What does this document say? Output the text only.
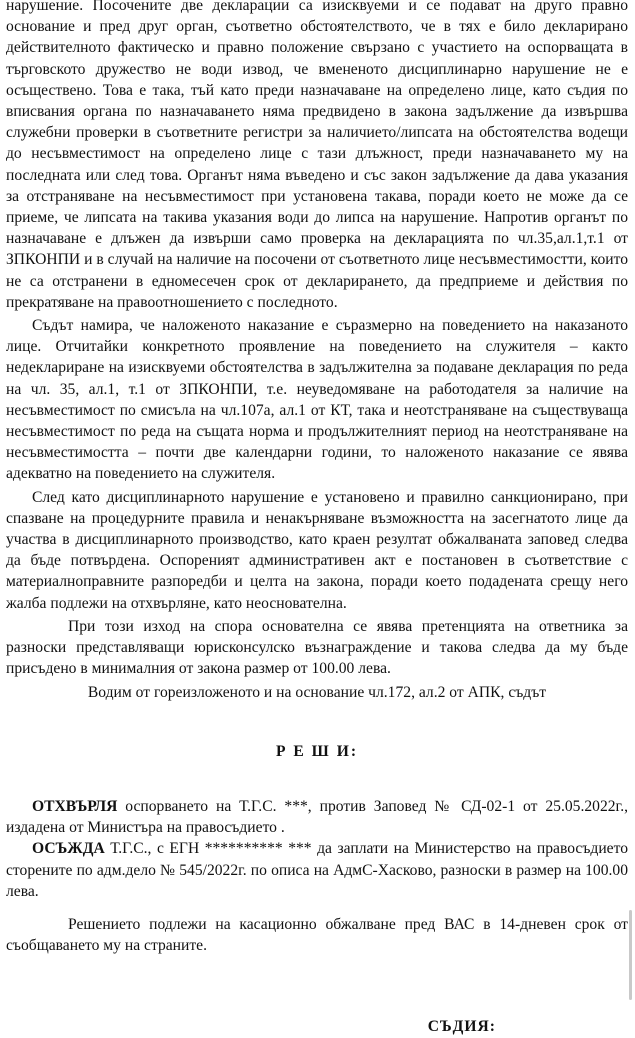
нарушение. Посочените две декларации са изисквуеми и се подават на друго правно основание и пред друг орган, съответно обстоятелството, че в тях е било декларирано действителното фактическо и правно положение свързано с участието на оспорващата в търговското дружество не води извод, че вмененото дисциплинарно нарушение не е осъществено. Това е така, тъй като преди назначаване на определено лице, като съдия по вписвания органа по назначаването няма предвидено в закона задължение да извършва служебни проверки в съответните регистри за наличието/липсата на обстоятелства водещи до несъвместимост на определено лице с тази длъжност, преди назначаването му на последната или след това. Органът няма въведено и със закон задължение да дава указания за отстраняване на несъвместимост при установена такава, поради което не може да се приеме, че липсата на такива указания води до липса на нарушение. Напротив органът по назначаване е длъжен да извърши само проверка на декларацията по чл.35,ал.1,т.1 от ЗПКОНПИ и в случай на наличие на посочени от съответното лице несъвместимостти, които не са отстранени в едномесечен срок от декларирането, да предприеме и действия по прекратяване на правоотношението с последното.

Съдът намира, че наложеното наказание е съразмерно на поведението на наказаното лице. Отчитайки конкретното проявление на поведението на служителя – както недеклариране на изисквуеми обстоятелства в задължителна за подаване декларация по реда на чл. 35, ал.1, т.1 от ЗПКОНПИ, т.е. неуведомяване на работодателя за наличие на несъвместимост по смисъла на чл.107а, ал.1 от КТ, така и неотстраняване на съществуваща несъвместимост по реда на същата норма и продължителният период на неотстраняване на несъвместимостта – почти две календарни години, то наложеното наказание се явява адекватно на поведението на служителя.

След като дисциплинарното нарушение е установено и правилно санкционирано, при спазване на процедурните правила и ненакърняване възможността на засегнатото лице да участва в дисциплинарното производство, като краен резултат обжалваната заповед следва да бъде потвърдена. Оспореният административен акт е постановен в съответствие с материалноправните разпоредби и целта на закона, поради което подадената срещу него жалба подлежи на отхвърляне, като неоснователна.

При този изход на спора основателна се явява претенцията на ответника за разноски представляващи юрисконсулско възнаграждение и такова следва да му бъде присъдено в минималния от закона размер от 100.00 лева.

Водим от гореизложеното и на основание чл.172, ал.2 от АПК, съдът

Р Е Ш И:

ОТХВЪРЛЯ оспорването на Т.Г.С. ***, против Заповед № СД-02-1 от 25.05.2022г., издадена от Министъра на правосъдието .

ОСЪЖДА Т.Г.С., с ЕГН ********** *** да заплати на Министерство на правосъдието сторените по адм.дело № 545/2022г. по описа на АдмС-Хасково, разноски в размер на 100.00 лева.

Решението подлежи на касационно обжалване пред ВАС в 14-дневен срок от съобщаването му на страните.

СЪДИЯ:
